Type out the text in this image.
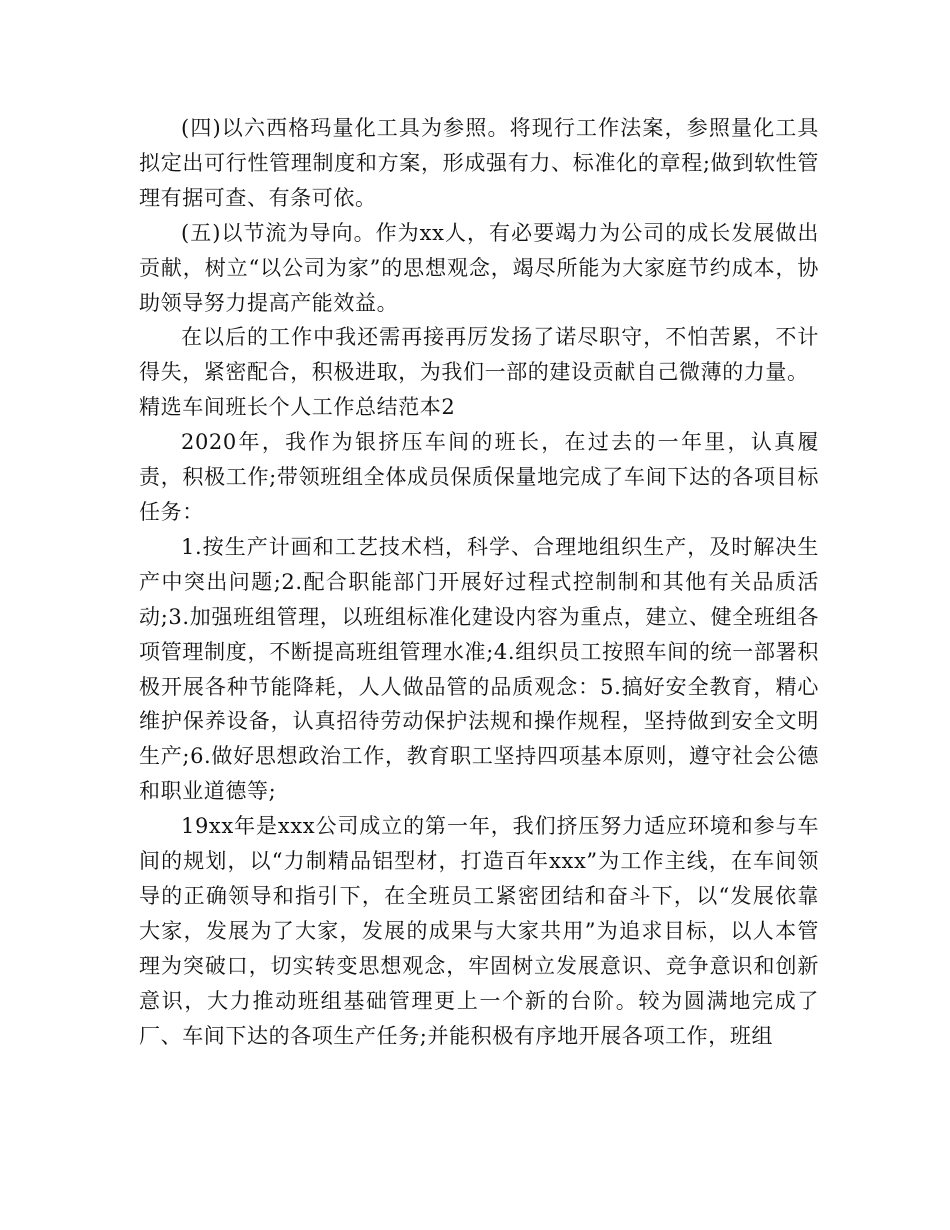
(四)以六西格玛量化工具为参照。将现行工作法案，参照量化工具拟定出可行性管理制度和方案，形成强有力、标准化的章程;做到软性管理有据可查、有条可依。

(五)以节流为导向。作为xx人，有必要竭力为公司的成长发展做出贡献，树立“以公司为家”的思想观念，竭尽所能为大家庭节约成本，协助领导努力提高产能效益。

在以后的工作中我还需再接再厉发扬了诺尽职守，不怕苦累，不计得失，紧密配合，积极进取，为我们一部的建设贡献自己微薄的力量。

精选车间班长个人工作总结范本2

2020年，我作为银挤压车间的班长，在过去的一年里，认真履责，积极工作;带领班组全体成员保质保量地完成了车间下达的各项目标任务：

1.按生产计画和工艺技术档，科学、合理地组织生产，及时解决生产中突出问题;2.配合职能部门开展好过程式控制制和其他有关品质活动;3.加强班组管理，以班组标准化建设内容为重点，建立、健全班组各项管理制度，不断提高班组管理水准;4.组织员工按照车间的统一部署积极开展各种节能降耗，人人做品管的品质观念：5.搞好安全教育，精心维护保养设备，认真招待劳动保护法规和操作规程，坚持做到安全文明生产;6.做好思想政治工作，教育职工坚持四项基本原则，遵守社会公德和职业道德等;

19xx年是xxx公司成立的第一年，我们挤压努力适应环境和参与车间的规划，以“力制精品铝型材，打造百年xxx”为工作主线，在车间领导的正确领导和指引下，在全班员工紧密团结和奋斗下，以“发展依靠大家，发展为了大家，发展的成果与大家共用”为追求目标，以人本管理为突破口，切实转变思想观念，牢固树立发展意识、竞争意识和创新意识，大力推动班组基础管理更上一个新的台阶。较为圆满地完成了厂、车间下达的各项生产任务;并能积极有序地开展各项工作，班组
